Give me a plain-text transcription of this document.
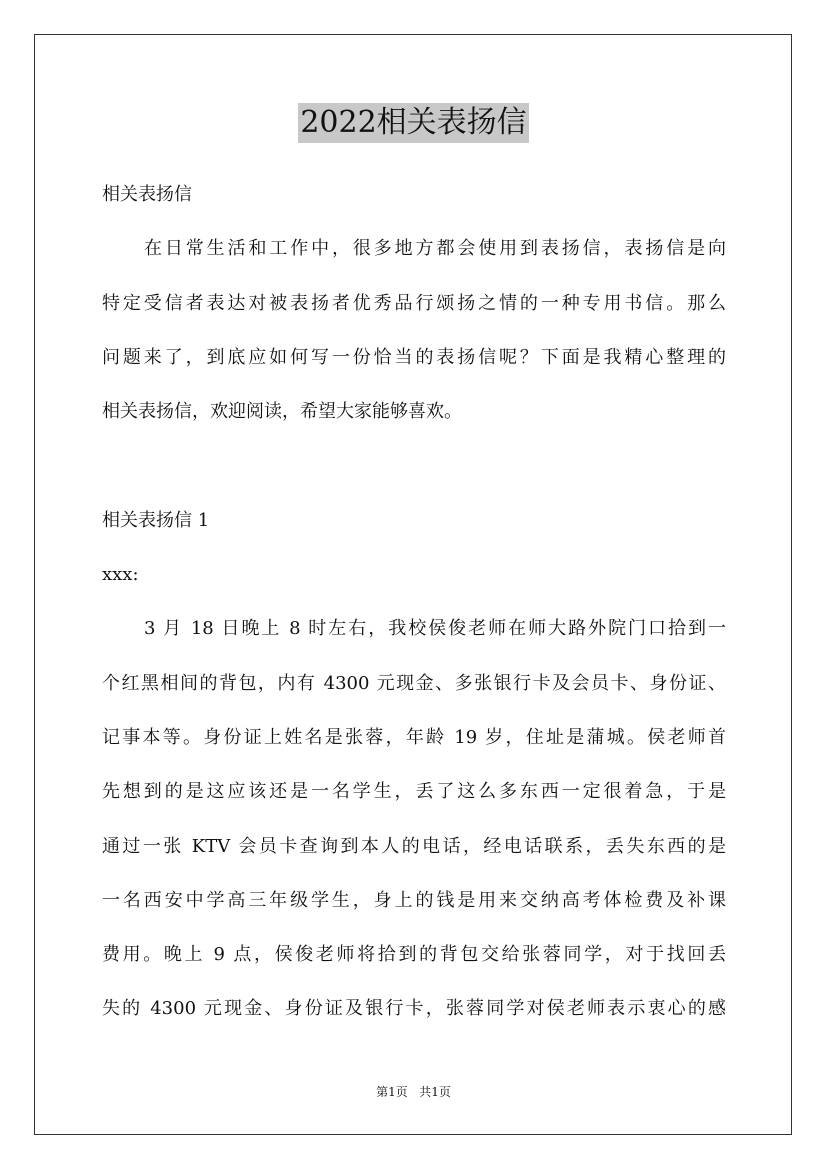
2022相关表扬信
相关表扬信
在日常生活和工作中，很多地方都会使用到表扬信，表扬信是向
特定受信者表达对被表扬者优秀品行颂扬之情的一种专用书信。那么
问题来了，到底应如何写一份恰当的表扬信呢？下面是我精心整理的
相关表扬信，欢迎阅读，希望大家能够喜欢。
相关表扬信 1
xxx:
3 月 18 日晚上 8 时左右，我校侯俊老师在师大路外院门口拾到一
个红黑相间的背包，内有 4300 元现金、多张银行卡及会员卡、身份证、
记事本等。身份证上姓名是张蓉，年龄 19 岁，住址是蒲城。侯老师首
先想到的是这应该还是一名学生，丢了这么多东西一定很着急，于是
通过一张 KTV 会员卡查询到本人的电话，经电话联系，丢失东西的是
一名西安中学高三年级学生，身上的钱是用来交纳高考体检费及补课
费用。晚上 9 点，侯俊老师将拾到的背包交给张蓉同学，对于找回丢
失的 4300 元现金、身份证及银行卡，张蓉同学对侯老师表示衷心的感
第1页 共1页
